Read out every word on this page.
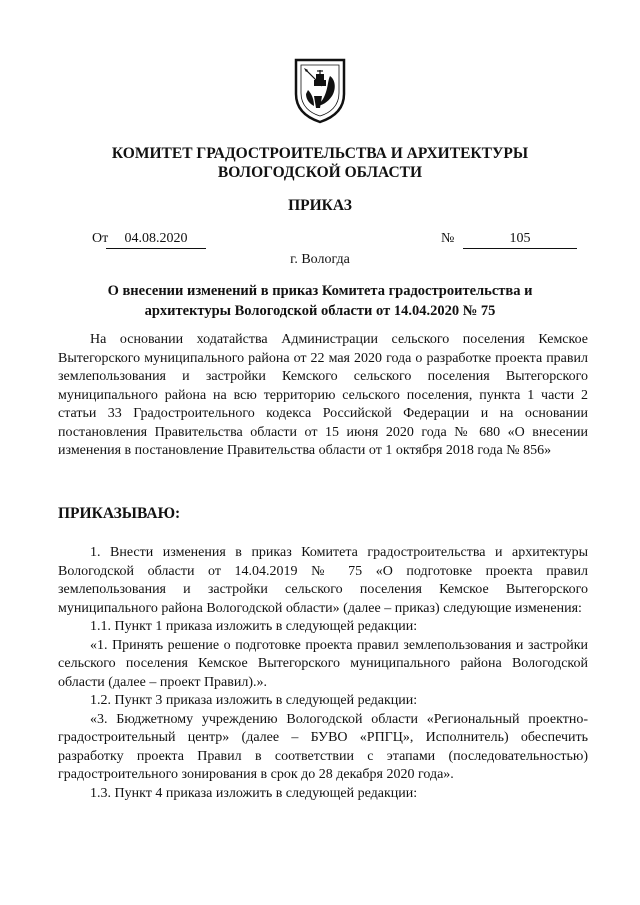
КОМИТЕТ ГРАДОСТРОИТЕЛЬСТВА И АРХИТЕКТУРЫ
ВОЛОГОДСКОЙ ОБЛАСТИ
ПРИКАЗ
От	04.08.2020	№	105
г. Вологда
О внесении изменений в приказ Комитета градостроительства и
архитектуры Вологодской области от 14.04.2020 № 75

На основании ходатайства Администрации сельского поселения Кемское Вытегорского муниципального района от 22 мая 2020 года о разработке проекта правил землепользования и застройки Кемского сельского поселения Вытегорского муниципального района на всю территорию сельского поселения, пункта 1 части 2 статьи 33 Градостроительного кодекса Российской Федерации и на основании постановления Правительства области от 15 июня 2020 года № 680 «О внесении изменения в постановление Правительства области от 1 октября 2018 года № 856»

ПРИКАЗЫВАЮ:

1. Внести изменения в приказ Комитета градостроительства и архитектуры Вологодской области от 14.04.2019 № 75 «О подготовке проекта правил землепользования и застройки сельского поселения Кемское Вытегорского муниципального района Вологодской области» (далее – приказ) следующие изменения:

1.1. Пункт 1 приказа изложить в следующей редакции:

«1. Принять решение о подготовке проекта правил землепользования и застройки сельского поселения Кемское Вытегорского муниципального района Вологодской области (далее – проект Правил).».

1.2. Пункт 3 приказа изложить в следующей редакции:

«3. Бюджетному учреждению Вологодской области «Региональный проектно-градостроительный центр» (далее – БУВО «РПГЦ», Исполнитель) обеспечить разработку проекта Правил в соответствии с этапами (последовательностью) градостроительного зонирования в срок до 28 декабря 2020 года».

1.3. Пункт 4 приказа изложить в следующей редакции:
